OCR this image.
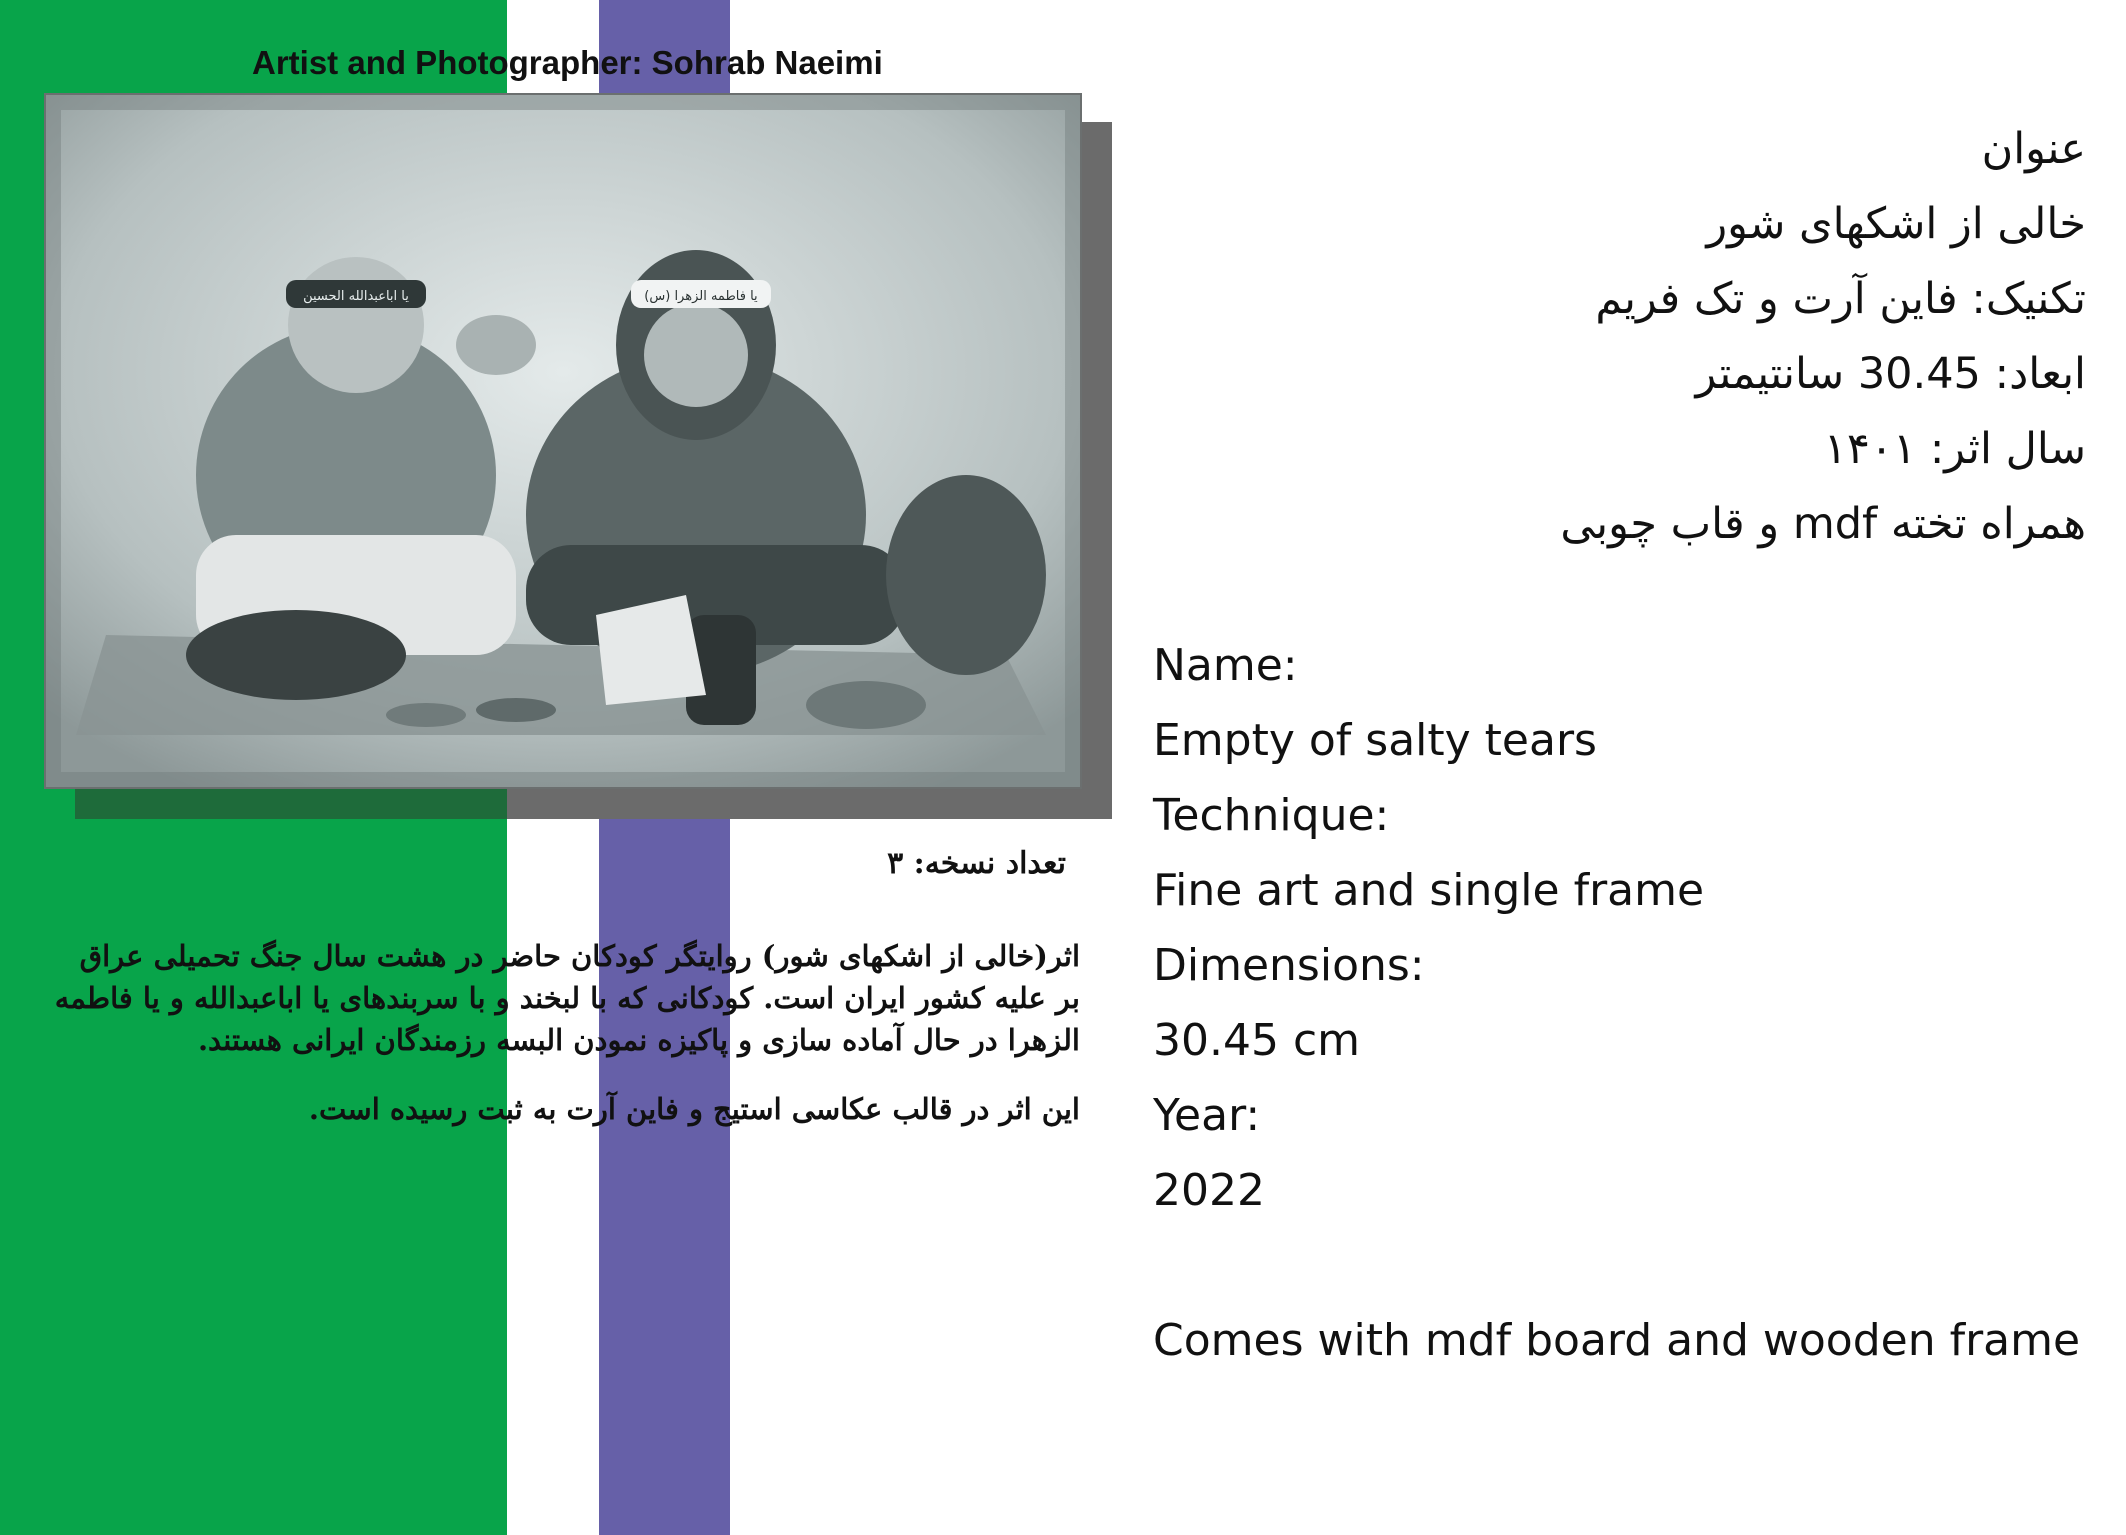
Artist and Photographer: Sohrab Naeimi
یا اباعبدالله الحسین	یا فاطمه الزهرا (س)
تعداد نسخه: ۳
اثر(خالی از اشکهای شور) روایتگر کودکان حاضر در هشت سال جنگ تحمیلی عراق
بر علیه کشور ایران است. کودکانی که با لبخند و با سربندهای یا اباعبدالله و یا فاطمه
الزهرا در حال آماده سازی و پاکیزه نمودن البسه رزمندگان ایرانی هستند.
این اثر در قالب عکاسی استیج و فاین آرت به ثبت رسیده است.
عنوان
خالی از اشکهای شور
تکنیک: فاین آرت و تک فریم
ابعاد: 30.45 سانتیمتر
سال اثر: ۱۴۰۱
همراه تخته mdf و قاب چوبی
Name:
Empty of salty tears
Technique:
Fine art and single frame
Dimensions:
30.45 cm
Year:
2022
Comes with mdf board and wooden frame
